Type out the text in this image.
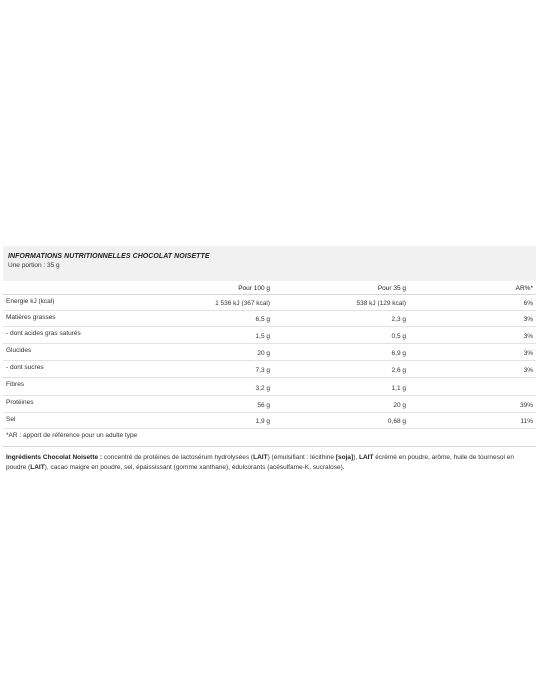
INFORMATIONS NUTRITIONNELLES CHOCOLAT NOISETTE
Une portion : 35 g
	Pour 100 g	Pour 35 g	AR%*
Energie kJ (kcal)	1 536 kJ (367 kcal)	538 kJ (129 kcal)	6%
Matières grasses	6,5 g	2,3 g	3%
- dont acides gras saturés	1,5 g	0,5 g	3%
Glucides	20 g	6,9 g	3%
- dont sucres	7,3 g	2,6 g	3%
Fibres	3,2 g	1,1 g	
Protéines	56 g	20 g	39%
Sel	1,9 g	0,68 g	11%
*AR : apport de référence pour un adulte type
Ingrédients Chocolat Noisette : concentré de protéines de lactosérum hydrolysées (LAIT) (émulsifiant : lécithine [soja]), LAIT écrémé en poudre, arôme, huile de tournesol en poudre (LAIT), cacao maigre en poudre, sel, épaississant (gomme xanthane), édulcorants (acésulfame-K, sucralose).
